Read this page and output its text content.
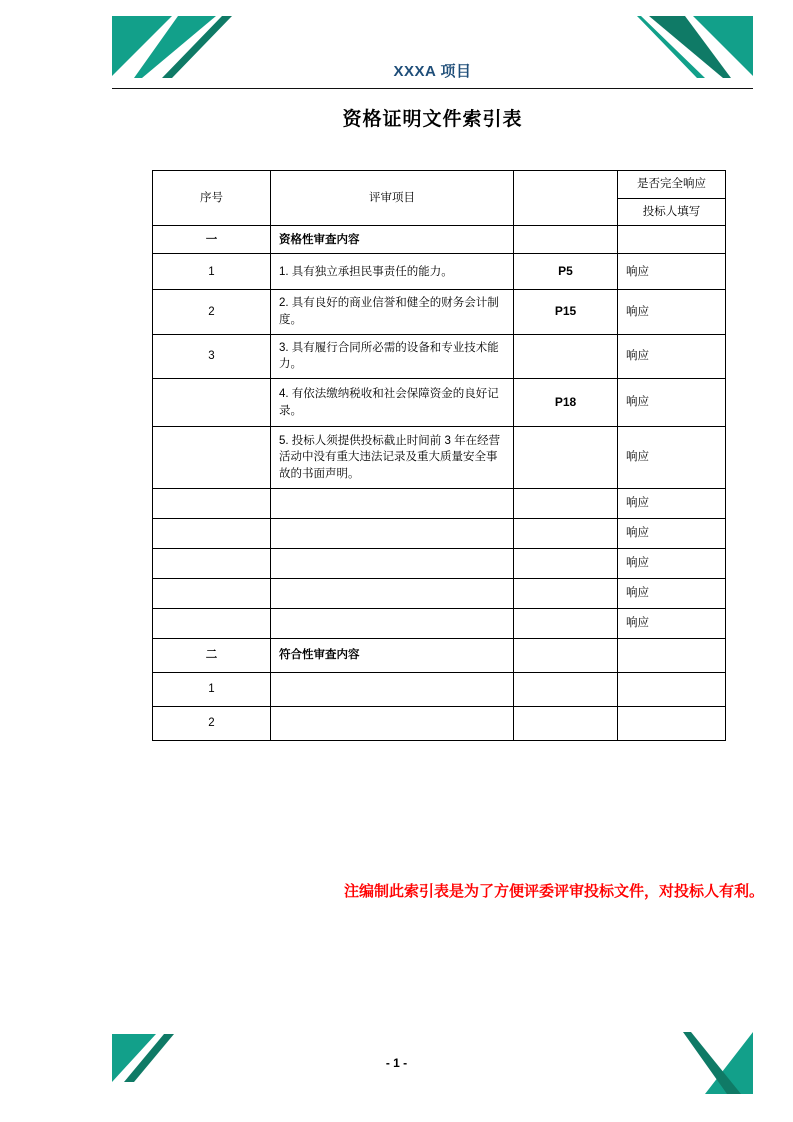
XXXA 项目
资格证明文件索引表
序号	评审项目		是否完全响应
			投标人填写
一	资格性审查内容		
1	1. 具有独立承担民事责任的能力。	P5	响应
2	2. 具有良好的商业信誉和健全的财务会计制度。	P15	响应
3	3. 具有履行合同所必需的设备和专业技术能力。		响应
	4. 有依法缴纳税收和社会保障资金的良好记录。	P18	响应
	5. 投标人须提供投标截止时间前 3 年在经营活动中没有重大违法记录及重大质量安全事故的书面声明。		响应
			响应
			响应
			响应
			响应
			响应
二	符合性审查内容		
1			
2			
注编制此索引表是为了方便评委评审投标文件，对投标人有利。
- 1 -
